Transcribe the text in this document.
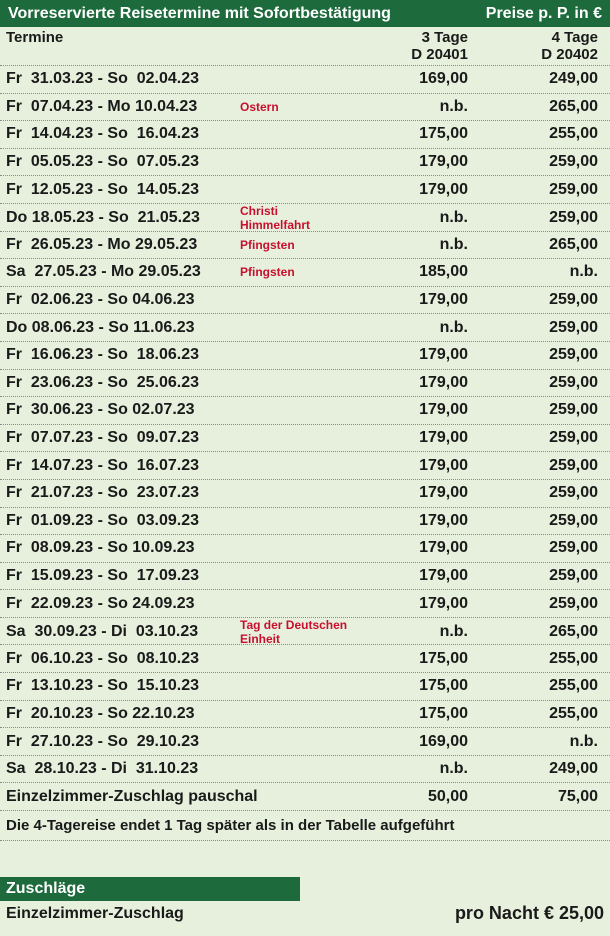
Vorreservierte Reisetermine mit Sofortbestätigung	Preise p. P. in €
Termine	3 Tage
D 20401
4 Tage
D 20402
Fr  31.03.23 - So  02.04.23	169,00	249,00
Fr  07.04.23 - Mo 10.04.23	Ostern	n.b.	265,00
Fr  14.04.23 - So  16.04.23	175,00	255,00
Fr  05.05.23 - So  07.05.23	179,00	259,00
Fr  12.05.23 - So  14.05.23	179,00	259,00
Do 18.05.23 - So  21.05.23	Christi Himmelfahrt	n.b.	259,00
Fr  26.05.23 - Mo 29.05.23	Pfingsten	n.b.	265,00
Sa  27.05.23 - Mo 29.05.23	Pfingsten	185,00	n.b.
Fr  02.06.23 - So 04.06.23	179,00	259,00
Do 08.06.23 - So 11.06.23	n.b.	259,00
Fr  16.06.23 - So  18.06.23	179,00	259,00
Fr  23.06.23 - So  25.06.23	179,00	259,00
Fr  30.06.23 - So 02.07.23	179,00	259,00
Fr  07.07.23 - So  09.07.23	179,00	259,00
Fr  14.07.23 - So  16.07.23	179,00	259,00
Fr  21.07.23 - So  23.07.23	179,00	259,00
Fr  01.09.23 - So  03.09.23	179,00	259,00
Fr  08.09.23 - So 10.09.23	179,00	259,00
Fr  15.09.23 - So  17.09.23	179,00	259,00
Fr  22.09.23 - So 24.09.23	179,00	259,00
Sa  30.09.23 - Di  03.10.23	Tag der Deutschen Einheit	n.b.	265,00
Fr  06.10.23 - So  08.10.23	175,00	255,00
Fr  13.10.23 - So  15.10.23	175,00	255,00
Fr  20.10.23 - So 22.10.23	175,00	255,00
Fr  27.10.23 - So  29.10.23	169,00	n.b.
Sa  28.10.23 - Di  31.10.23	n.b.	249,00
Einzelzimmer-Zuschlag pauschal	50,00	75,00
Die 4-Tagereise endet 1 Tag später als in der Tabelle aufgeführt
Zuschläge
Einzelzimmer-Zuschlag	pro Nacht € 25,00
